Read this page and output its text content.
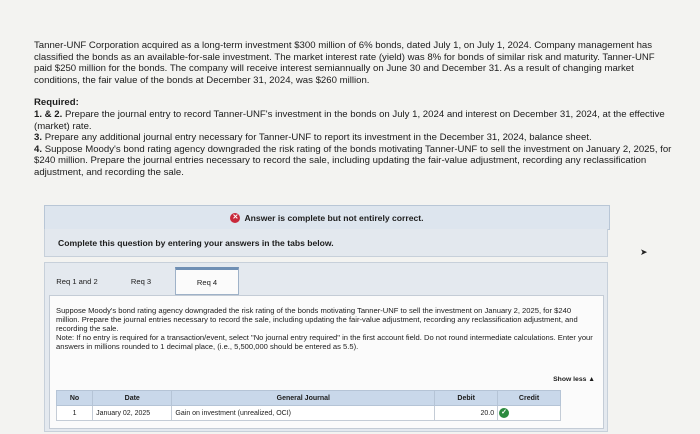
Tanner-UNF Corporation acquired as a long-term investment $300 million of 6% bonds, dated July 1, on July 1, 2024. Company management has classified the bonds as an available-for-sale investment. The market interest rate (yield) was 8% for bonds of similar risk and maturity. Tanner-UNF paid $250 million for the bonds. The company will receive interest semiannually on June 30 and December 31. As a result of changing market conditions, the fair value of the bonds at December 31, 2024, was $260 million.

Required:

1. & 2. Prepare the journal entry to record Tanner-UNF's investment in the bonds on July 1, 2024 and interest on December 31, 2024, at the effective (market) rate.

3. Prepare any additional journal entry necessary for Tanner-UNF to report its investment in the December 31, 2024, balance sheet.

4. Suppose Moody's bond rating agency downgraded the risk rating of the bonds motivating Tanner-UNF to sell the investment on January 2, 2025, for $240 million. Prepare the journal entries necessary to record the sale, including updating the fair-value adjustment, recording any reclassification adjustment, and recording the sale.

✕ Answer is complete but not entirely correct.
Complete this question by entering your answers in the tabs below.
➤
Req 1 and 2	Req 3	Req 4

Suppose Moody's bond rating agency downgraded the risk rating of the bonds motivating Tanner-UNF to sell the investment on January 2, 2025, for $240 million. Prepare the journal entries necessary to record the sale, including updating the fair-value adjustment, recording any reclassification adjustment, and recording the sale.

Note: If no entry is required for a transaction/event, select "No journal entry required" in the first account field. Do not round intermediate calculations. Enter your answers in millions rounded to 1 decimal place, (i.e., 5,500,000 should be entered as 5.5).

Show less ▲
No	Date	General Journal	Debit	Credit
1	January 02, 2025	Gain on investment (unrealized, OCI)	20.0 ✓	
